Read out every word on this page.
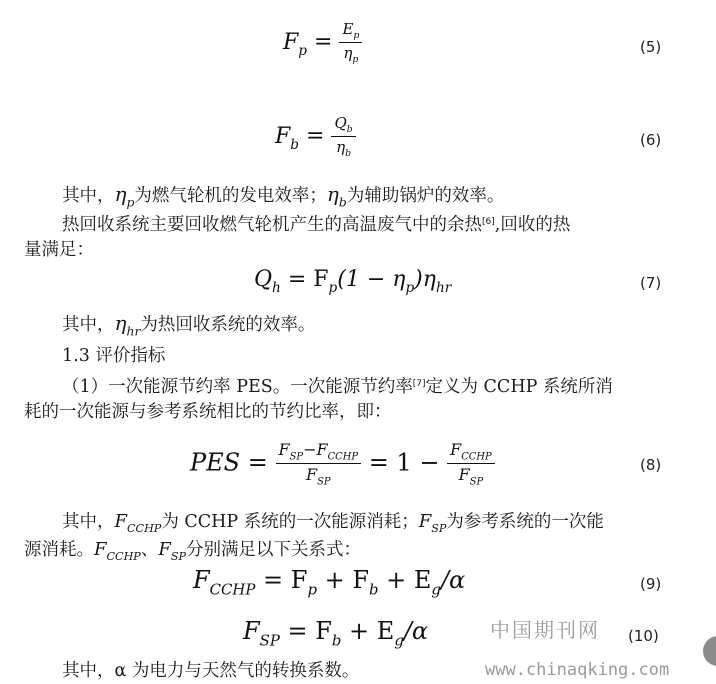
$F_p = \frac{E_p}{\eta_p}$	(5)
$F_b = \frac{Q_b}{\eta_b}$	(6)
其中，$\eta_p$为燃气轮机的发电效率；$\eta_b$为辅助锅炉的效率。
热回收系统主要回收燃气轮机产生的高温废气中的余热[6],回收的热
量满足：
$Q_h = F_p(1 - \eta_p)\eta_{hr}$	(7)
其中，$\eta_{hr}$为热回收系统的效率。
1.3 评价指标
（1）一次能源节约率 PES。一次能源节约率[7]定义为 CCHP 系统所消
耗的一次能源与参考系统相比的节约比率，即：
PES = $\frac{F_{SP}-F_{CCHP}}{F_{SP}} = 1 - \frac{F_{CCHP}}{F_{SP}}$	(8)
其中，$F_{CCHP}$为 CCHP 系统的一次能源消耗；$F_{SP}$为参考系统的一次能
源消耗。$F_{CCHP}$、$F_{SP}$分别满足以下关系式：
$F_{CCHP} = F_p + F_b + E_g/\alpha$	(9)
$F_{SP} = F_b + E_g/\alpha$	(10)
其中，α 为电力与天然气的转换系数。
中国期刊网
www.chinaqking.com
